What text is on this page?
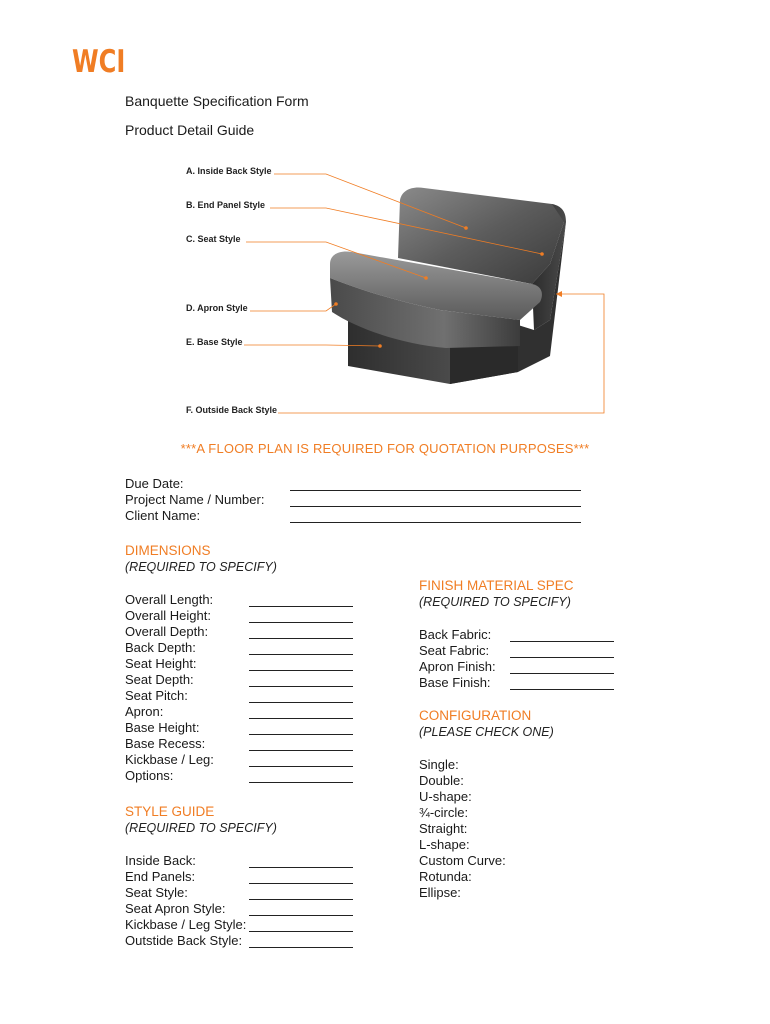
WCI
Banquette Specification Form
Product Detail Guide
A. Inside Back Style
B. End Panel Style
C. Seat Style
D. Apron Style
E. Base Style
F. Outside Back Style
***A FLOOR PLAN IS REQUIRED FOR QUOTATION PURPOSES***
Due Date:
Project Name / Number:
Client Name:
DIMENSIONS
(REQUIRED TO SPECIFY)
Overall Length:
Overall Height:
Overall Depth:
Back Depth:
Seat Height:
Seat Depth:
Seat Pitch:
Apron:
Base Height:
Base Recess:
Kickbase / Leg:
Options:
STYLE GUIDE
(REQUIRED TO SPECIFY)
Inside Back:
End Panels:
Seat Style:
Seat Apron Style:
Kickbase / Leg Style:
Outstide Back Style:
FINISH MATERIAL SPEC
(REQUIRED TO SPECIFY)
Back Fabric:
Seat Fabric:
Apron Finish:
Base Finish:
CONFIGURATION
(PLEASE CHECK ONE)
Single:
Double:
U-shape:
¾-circle:
Straight:
L-shape:
Custom Curve:
Rotunda:
Ellipse:
